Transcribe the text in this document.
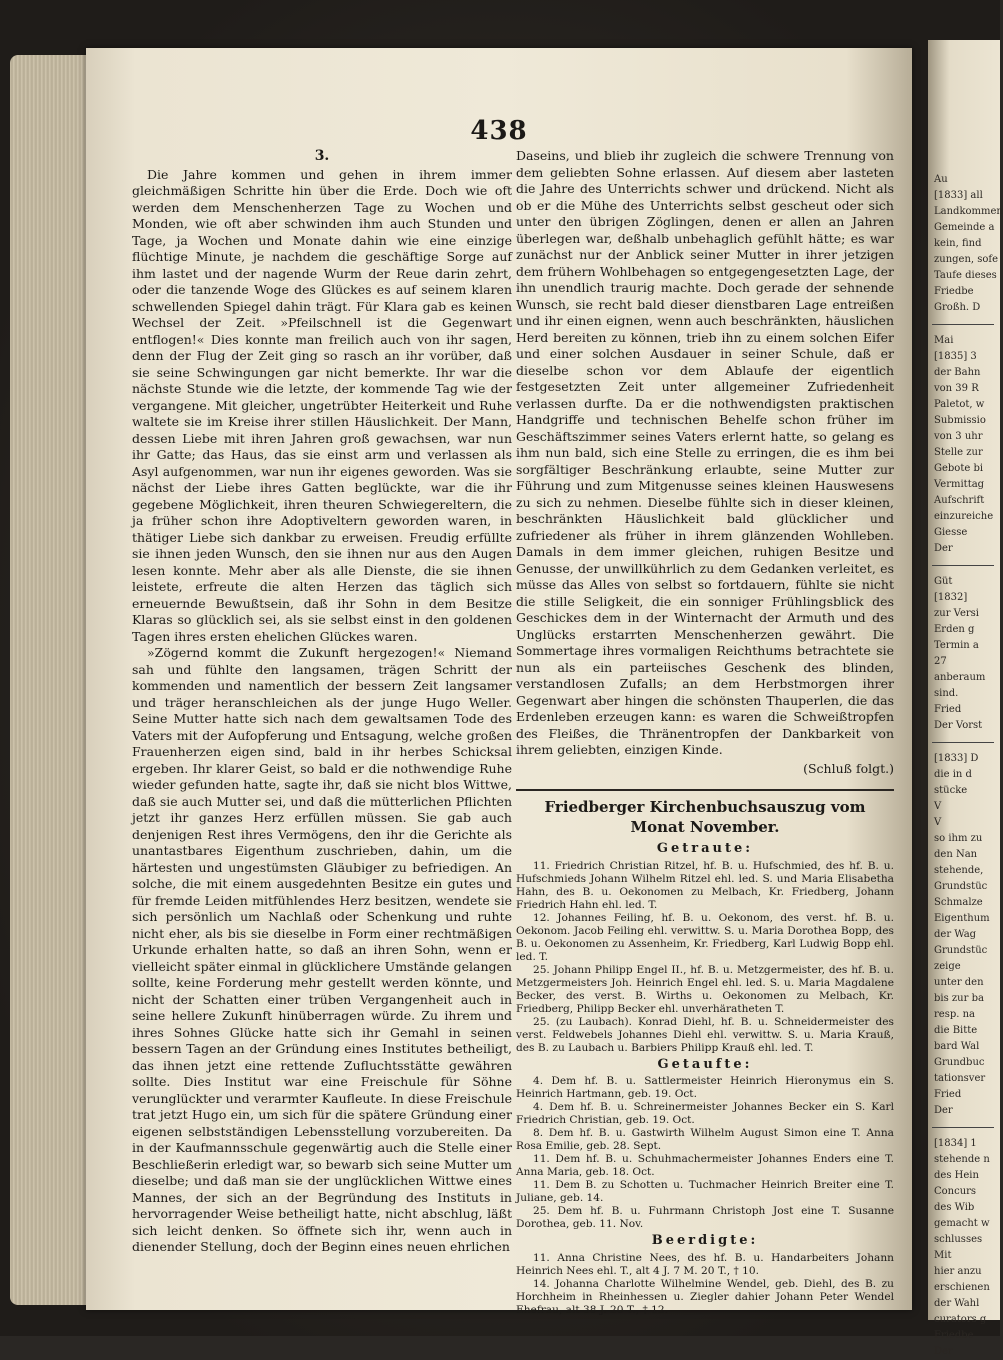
438
3.

Die Jahre kommen und gehen in ihrem immer gleichmäßigen Schritte hin über die Erde. Doch wie oft werden dem Menschenherzen Tage zu Wochen und Monden, wie oft aber schwinden ihm auch Stunden und Tage, ja Wochen und Monate dahin wie eine einzige flüchtige Minute, je nachdem die geschäftige Sorge auf ihm lastet und der nagende Wurm der Reue darin zehrt, oder die tanzende Woge des Glückes es auf seinem klaren schwellenden Spiegel dahin trägt. Für Klara gab es keinen Wechsel der Zeit. »Pfeilschnell ist die Gegenwart entflogen!« Dies konnte man freilich auch von ihr sagen, denn der Flug der Zeit ging so rasch an ihr vorüber, daß sie seine Schwingungen gar nicht bemerkte. Ihr war die nächste Stunde wie die letzte, der kommende Tag wie der vergangene. Mit gleicher, ungetrübter Heiterkeit und Ruhe waltete sie im Kreise ihrer stillen Häuslichkeit. Der Mann, dessen Liebe mit ihren Jahren groß gewachsen, war nun ihr Gatte; das Haus, das sie einst arm und verlassen als Asyl aufgenommen, war nun ihr eigenes geworden. Was sie nächst der Liebe ihres Gatten beglückte, war die ihr gegebene Möglichkeit, ihren theuren Schwiegereltern, die ja früher schon ihre Adoptiveltern geworden waren, in thätiger Liebe sich dankbar zu erweisen. Freudig erfüllte sie ihnen jeden Wunsch, den sie ihnen nur aus den Augen lesen konnte. Mehr aber als alle Dienste, die sie ihnen leistete, erfreute die alten Herzen das täglich sich erneuernde Bewußtsein, daß ihr Sohn in dem Besitze Klaras so glücklich sei, als sie selbst einst in den goldenen Tagen ihres ersten ehelichen Glückes waren.

»Zögernd kommt die Zukunft hergezogen!« Niemand sah und fühlte den langsamen, trägen Schritt der kommenden und namentlich der bessern Zeit langsamer und träger heranschleichen als der junge Hugo Weller. Seine Mutter hatte sich nach dem gewaltsamen Tode des Vaters mit der Aufopferung und Entsagung, welche großen Frauenherzen eigen sind, bald in ihr herbes Schicksal ergeben. Ihr klarer Geist, so bald er die nothwendige Ruhe wieder gefunden hatte, sagte ihr, daß sie nicht blos Wittwe, daß sie auch Mutter sei, und daß die mütterlichen Pflichten jetzt ihr ganzes Herz erfüllen müssen. Sie gab auch denjenigen Rest ihres Vermögens, den ihr die Gerichte als unantastbares Eigenthum zuschrieben, dahin, um die härtesten und ungestümsten Gläubiger zu befriedigen. An solche, die mit einem ausgedehnten Besitze ein gutes und für fremde Leiden mitfühlendes Herz besitzen, wendete sie sich persönlich um Nachlaß oder Schenkung und ruhte nicht eher, als bis sie dieselbe in Form einer rechtmäßigen Urkunde erhalten hatte, so daß an ihren Sohn, wenn er vielleicht später einmal in glücklichere Umstände gelangen sollte, keine Forderung mehr gestellt werden könnte, und nicht der Schatten einer trüben Vergangenheit auch in seine hellere Zukunft hinüberragen würde. Zu ihrem und ihres Sohnes Glücke hatte sich ihr Gemahl in seinen bessern Tagen an der Gründung eines Institutes betheiligt, das ihnen jetzt eine rettende Zufluchtsstätte gewähren sollte. Dies Institut war eine Freischule für Söhne verunglückter und verarmter Kaufleute. In diese Freischule trat jetzt Hugo ein, um sich für die spätere Gründung einer eigenen selbstständigen Lebensstellung vorzubereiten. Da in der Kaufmannsschule gegenwärtig auch die Stelle einer Beschließerin erledigt war, so bewarb sich seine Mutter um dieselbe; und daß man sie der unglücklichen Wittwe eines Mannes, der sich an der Begründung des Instituts in hervorragender Weise betheiligt hatte, nicht abschlug, läßt sich leicht denken. So öffnete sich ihr, wenn auch in dienender Stellung, doch der Beginn eines neuen ehrlichen

Daseins, und blieb ihr zugleich die schwere Trennung von dem geliebten Sohne erlassen. Auf diesem aber lasteten die Jahre des Unterrichts schwer und drückend. Nicht als ob er die Mühe des Unterrichts selbst gescheut oder sich unter den übrigen Zöglingen, denen er allen an Jahren überlegen war, deßhalb unbehaglich gefühlt hätte; es war zunächst nur der Anblick seiner Mutter in ihrer jetzigen dem frühern Wohlbehagen so entgegengesetzten Lage, der ihn unendlich traurig machte. Doch gerade der sehnende Wunsch, sie recht bald dieser dienstbaren Lage entreißen und ihr einen eignen, wenn auch beschränkten, häuslichen Herd bereiten zu können, trieb ihn zu einem solchen Eifer und einer solchen Ausdauer in seiner Schule, daß er dieselbe schon vor dem Ablaufe der eigentlich festgesetzten Zeit unter allgemeiner Zufriedenheit verlassen durfte. Da er die nothwendigsten praktischen Handgriffe und technischen Behelfe schon früher im Geschäftszimmer seines Vaters erlernt hatte, so gelang es ihm nun bald, sich eine Stelle zu erringen, die es ihm bei sorgfältiger Beschränkung erlaubte, seine Mutter zur Führung und zum Mitgenusse seines kleinen Hauswesens zu sich zu nehmen. Dieselbe fühlte sich in dieser kleinen, beschränkten Häuslichkeit bald glücklicher und zufriedener als früher in ihrem glänzenden Wohlleben. Damals in dem immer gleichen, ruhigen Besitze und Genusse, der unwillkührlich zu dem Gedanken verleitet, es müsse das Alles von selbst so fortdauern, fühlte sie nicht die stille Seligkeit, die ein sonniger Frühlingsblick des Geschickes dem in der Winternacht der Armuth und des Unglücks erstarrten Menschenherzen gewährt. Die Sommertage ihres vormaligen Reichthums betrachtete sie nun als ein parteiisches Geschenk des blinden, verstandlosen Zufalls; an dem Herbstmorgen ihrer Gegenwart aber hingen die schönsten Thauperlen, die das Erdenleben erzeugen kann: es waren die Schweißtropfen des Fleißes, die Thränentropfen der Dankbarkeit von ihrem geliebten, einzigen Kinde.

(Schluß folgt.)
Friedberger Kirchenbuchsauszug vom Monat November.
Getraute:

11. Friedrich Christian Ritzel, hf. B. u. Hufschmied, des hf. B. u. Hufschmieds Johann Wilhelm Ritzel ehl. led. S. und Maria Elisabetha Hahn, des B. u. Oekonomen zu Melbach, Kr. Friedberg, Johann Friedrich Hahn ehl. led. T.

12. Johannes Feiling, hf. B. u. Oekonom, des verst. hf. B. u. Oekonom. Jacob Feiling ehl. verwittw. S. u. Maria Dorothea Bopp, des B. u. Oekonomen zu Assenheim, Kr. Friedberg, Karl Ludwig Bopp ehl. led. T.

25. Johann Philipp Engel II., hf. B. u. Metzgermeister, des hf. B. u. Metzgermeisters Joh. Heinrich Engel ehl. led. S. u. Maria Magdalene Becker, des verst. B. Wirths u. Oekonomen zu Melbach, Kr. Friedberg, Philipp Becker ehl. unverhäratheten T.

25. (zu Laubach). Konrad Diehl, hf. B. u. Schneidermeister des verst. Feldwebels Johannes Diehl ehl. verwittw. S. u. Maria Krauß, des B. zu Laubach u. Barbiers Philipp Krauß ehl. led. T.

Getaufte:

4. Dem hf. B. u. Sattlermeister Heinrich Hieronymus ein S. Heinrich Hartmann, geb. 19. Oct.

4. Dem hf. B. u. Schreinermeister Johannes Becker ein S. Karl Friedrich Christian, geb. 19. Oct.

8. Dem hf. B. u. Gastwirth Wilhelm August Simon eine T. Anna Rosa Emilie, geb. 28. Sept.

11. Dem hf. B. u. Schuhmachermeister Johannes Enders eine T. Anna Maria, geb. 18. Oct.

11. Dem B. zu Schotten u. Tuchmacher Heinrich Breiter eine T. Juliane, geb. 14.

25. Dem hf. B. u. Fuhrmann Christoph Jost eine T. Susanne Dorothea, geb. 11. Nov.

Beerdigte:

11. Anna Christine Nees, des hf. B. u. Handarbeiters Johann Heinrich Nees ehl. T., alt 4 J. 7 M. 20 T., † 10.

14. Johanna Charlotte Wilhelmine Wendel, geb. Diehl, des B. zu Horchheim in Rheinhessen u. Ziegler dahier Johann Peter Wendel Ehefrau, alt 38 J. 20 T., † 12.

Au
[1833] all
Landkommen
Gemeinde a
kein, find
zungen, sofe
Taufe dieses
Friedbe
Großh. D
Mai
[1835] 3
der Bahn
von 39 R
Paletot, w
Submissio
von 3 uhr
Stelle zur
Gebote bi
Vermittag
Aufschrift
einzureiche
Giesse
Der
Güt
[1832]
zur Versi
Erden g
Termin a
27
anberaum
sind.
Fried
Der Vorst
[1833] D
die in d
stücke
V
V
so ihm zu
den Nan
stehende,
Grundstüc
Schmalze
Eigenthum
der Wag
Grundstüc
zeige
unter den
bis zur ba
resp. na
die Bitte
bard Wal
Grundbuc
tationsver
Fried
Der
[1834] 1
stehende n
des Hein
Concurs
des Wib
gemacht w
schlusses
Mit
hier anzu
erschienen
der Wahl
curators g
Friedbe
Der
